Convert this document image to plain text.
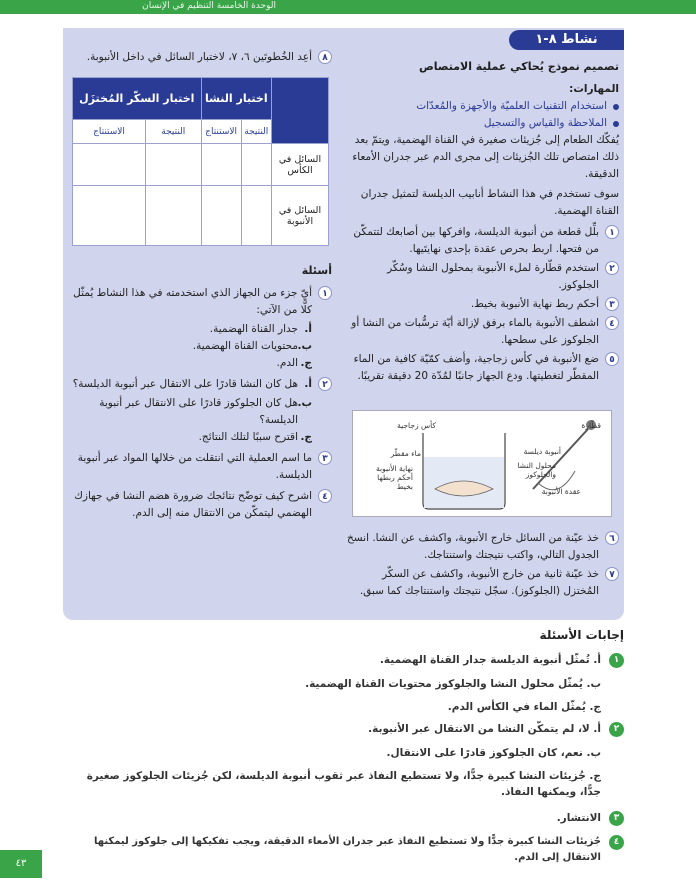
الوحدة الخامسة التنظيم في الإنسان
نشاط ٨-١
تصميم نموذج يُحاكي عملية الامتصاص
المهارات:
استخدام التقنيات العلميّة والأجهزة والمُعدّات
الملاحظة والقياس والتسجيل
يُفكّك الطعام إلى جُزيئات صغيرة في القناة الهضمية، ويتمّ بعد ذلك امتصاص تلك الجُزيئات إلى مجرى الدم عبر جدران الأمعاء الدقيقة.
سوف تستخدم في هذا النشاط أنابيب الديلسة لتمثيل جدران القناة الهضمية.
١
بلِّل قطعة من أنبوبة الديلسة، وافركها بين أصابعك لتتمكّن من فتحها. اربط بحرص عقدة بإحدى نهايتَيها.
٢
استخدم قطّارة لملء الأنبوبة بمحلول النشا وسُكّر الجلوكوز.
٣
أحكم ربط نهاية الأنبوبة بخيط.
٤
اشطف الأنبوبة بالماء برفق لإزالة أيّة ترسُّبات من النشا أو الجلوكوز على سطحها.
٥
ضع الأنبوبة في كأس زجاجية، وأضف كمّيّة كافية من الماء المقطّر لتغطيتها. ودع الجهاز جانبًا لمُدّة 20 دقيقة تقريبًا.
كأس زجاجية
ماء مقطّر
نهاية الأنبوبة أحكم ربطها بخيط
قطّارة
أنبوبة ديلسة
محلول النشا والجلوكوز
عقدة الأنبوبة
٦
خذ عيّنة من السائل خارج الأنبوبة، واكشف عن النشا. انسخ الجدول التالي، واكتب نتيجتك واستنتاجك.
٧
خذ عيّنة ثانية من خارج الأنبوبة، واكشف عن السكّر المُختزل (الجلوكوز). سجّل نتيجتك واستنتاجك كما سبق.
٨
أعِد الخُطوتَين ٦، ٧، لاختبار السائل في داخل الأنبوبة.
	اختبار النشا		اختبار السكّر المُختزَل	
	النتيجة	الاستنتاج	النتيجة	الاستنتاج
السائل في الكأس				
السائل في الأنبوبة				
أسئلة
١
أيّ جزء من الجهاز الذي استخدمته في هذا النشاط يُمثّل كلًّا من الآتي:
أ.
جدار القناة الهضمية.
ب.
محتويات القناة الهضمية.
ج.
الدم.
٢
أ.
هل كان النشا قادرًا على الانتقال عبر أنبوبة الديلسة؟
ب.
هل كان الجلوكوز قادرًا على الانتقال عبر أنبوبة الديلسة؟
ج.
اقترح سببًا لتلك النتائج.
٣
ما اسم العملية التي انتقلت من خلالها المواد عبر أنبوبة الديلسة.
٤
اشرح كيف توضّح نتائجك ضرورة هضم النشا في جهازك الهضمي ليتمكّن من الانتقال منه إلى الدم.
إجابات الأسئلة
١
أ. تُمثّل أنبوبة الديلسة جدار القناة الهضمية.
ب. يُمثّل محلول النشا والجلوكوز محتويات القناة الهضمية.
ج. يُمثّل الماء في الكأس الدم.
٢
أ. لا، لم يتمكّن النشا من الانتقال عبر الأنبوبة.
ب. نعم، كان الجلوكوز قادرًا على الانتقال.
ج. جُزيئات النشا كبيرة جدًّا، ولا تستطيع النفاذ عبر ثقوب أنبوبة الديلسة، لكن جُزيئات الجلوكوز صغيرة جدًّا، ويمكنها النفاذ.
٣
الانتشار.
٤
جُزيئات النشا كبيرة جدًّا ولا تستطيع النفاذ عبر جدران الأمعاء الدقيقة، ويجب تفكيكها إلى جلوكوز ليمكنها الانتقال إلى الدم.
٤٣
